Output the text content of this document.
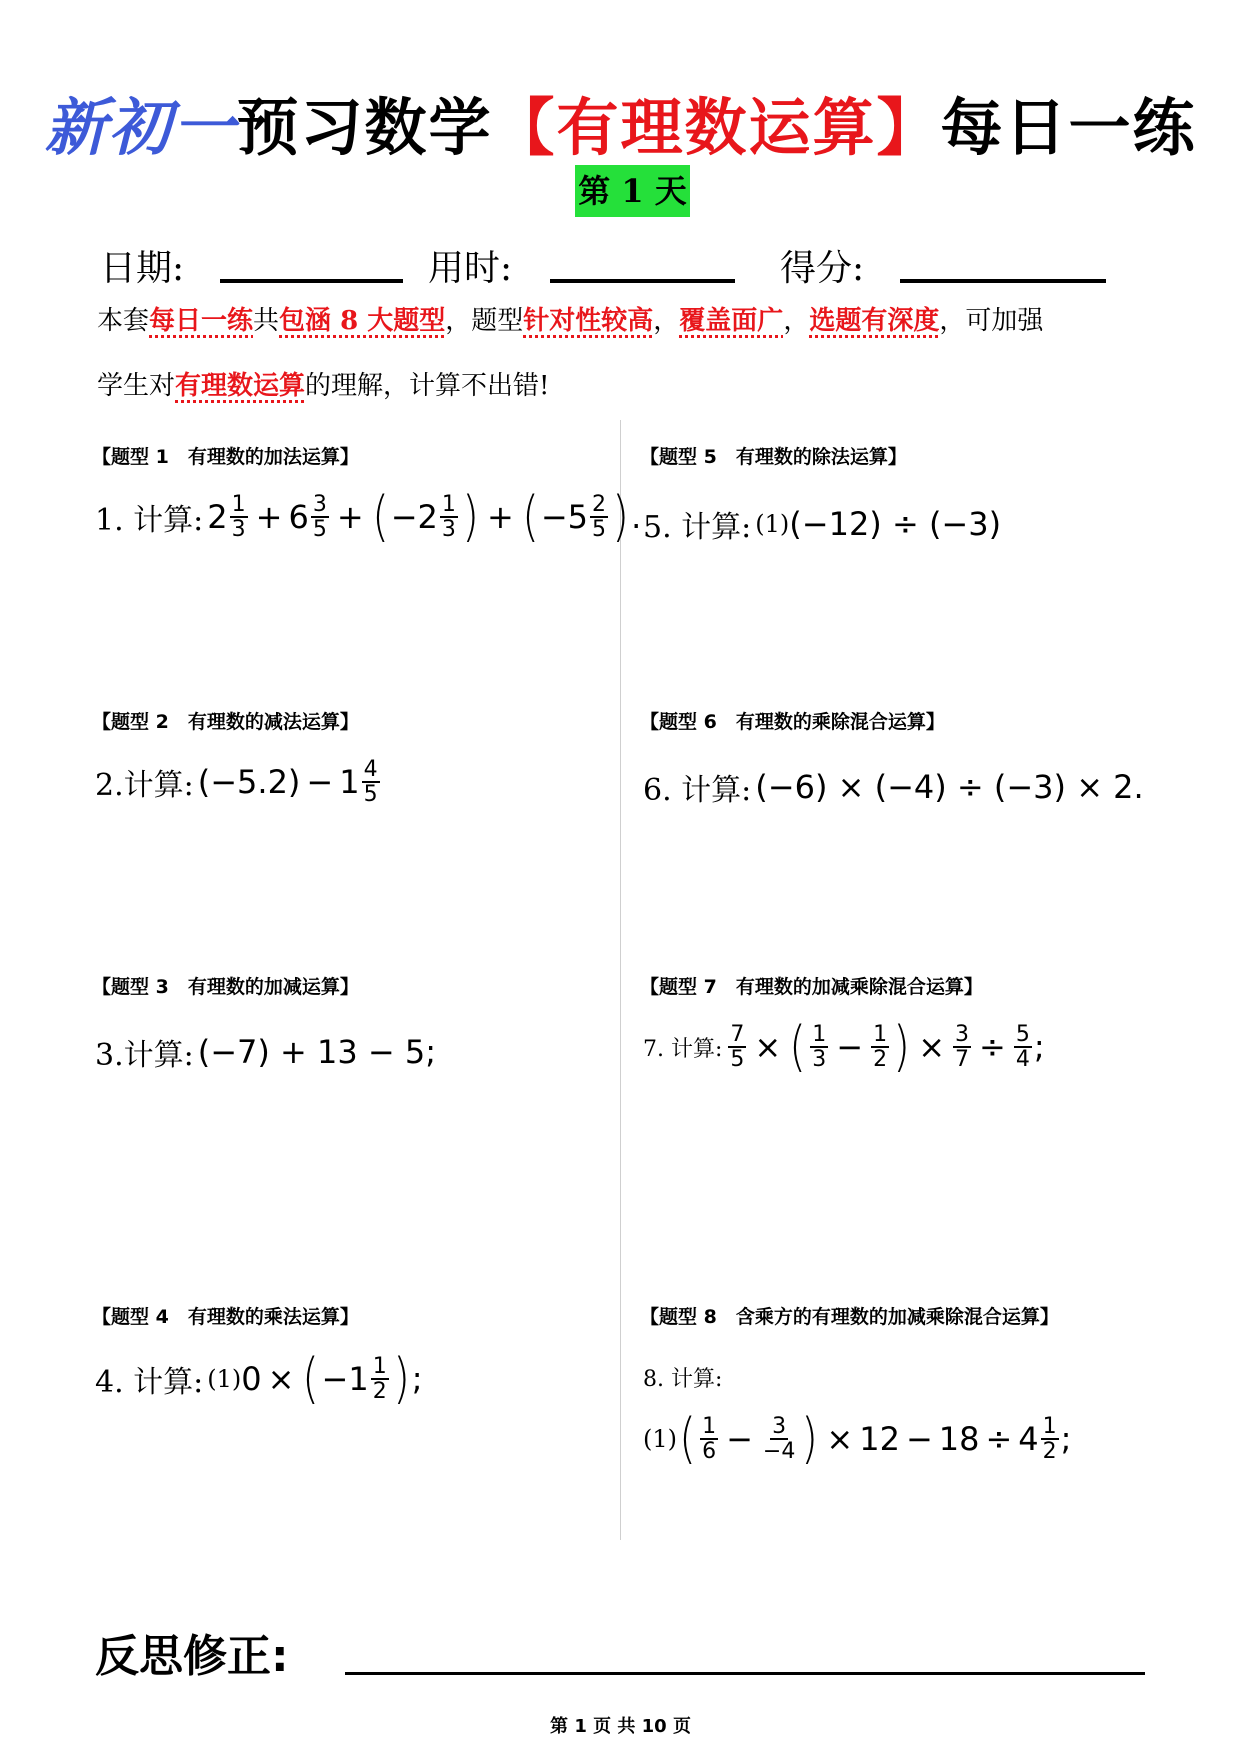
新初一预习数学【有理数运算】每日一练
第 1 天
日期:	用时:	得分:
本套每日一练共包涵 8 大题型，题型针对性较高，覆盖面广，选题有深度，可加强
学生对有理数运算的理解，计算不出错!
【题型 1　有理数的加法运算】
1. 计算: $2 \frac{1}{3} + 6 \frac{3}{5}$ + ( $-2 \frac{1}{3}$ ) + ( $-5 \frac{2}{5}$ ) .
【题型 2　有理数的减法运算】
2.计算: $(-5.2) - 1 \frac{4}{5}$
【题型 3　有理数的加减运算】
3.计算: (−7) + 13 − 5;
【题型 4　有理数的乘法运算】
4. 计算: (1) 0 × ( $-1 \frac{1}{2}$ ) ;
【题型 5　有理数的除法运算】
5. 计算: (1) (−12) ÷ (−3)
【题型 6　有理数的乘除混合运算】
6. 计算: (−6) × (−4) ÷ (−3) × 2.
【题型 7　有理数的加减乘除混合运算】
7. 计算: $\frac{7}{5}$ × ( $\frac{1}{3} - \frac{1}{2}$ ) × $\frac{3}{7} \div \frac{5}{4}$ ;
【题型 8　含乘方的有理数的加减乘除混合运算】
8. 计算:
(1) ( $\frac{1}{6} - \frac{3}{-4}$ ) × $12 - 18 \div 4 \frac{1}{2}$ ;
反思修正:
第 1 页 共 10 页
